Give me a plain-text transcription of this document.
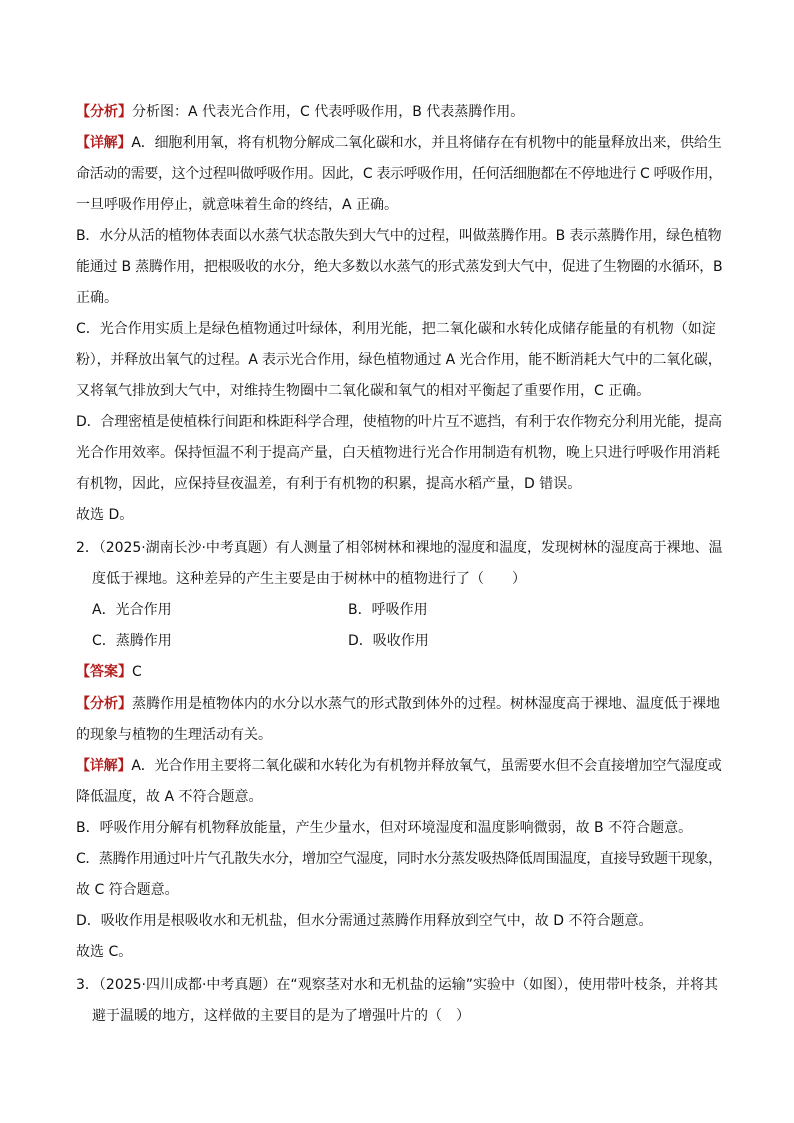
【分析】分析图：A 代表光合作用，C 代表呼吸作用，B 代表蒸腾作用。
【详解】A．细胞利用氧，将有机物分解成二氧化碳和水，并且将储存在有机物中的能量释放出来，供给生
命活动的需要，这个过程叫做呼吸作用。因此，C 表示呼吸作用，任何活细胞都在不停地进行 C 呼吸作用，
一旦呼吸作用停止，就意味着生命的终结，A 正确。
B．水分从活的植物体表面以水蒸气状态散失到大气中的过程，叫做蒸腾作用。B 表示蒸腾作用，绿色植物
能通过 B 蒸腾作用，把根吸收的水分，绝大多数以水蒸气的形式蒸发到大气中，促进了生物圈的水循环，B
正确。
C．光合作用实质上是绿色植物通过叶绿体，利用光能，把二氧化碳和水转化成储存能量的有机物（如淀
粉），并释放出氧气的过程。A 表示光合作用，绿色植物通过 A 光合作用，能不断消耗大气中的二氧化碳，
又将氧气排放到大气中，对维持生物圈中二氧化碳和氧气的相对平衡起了重要作用，C 正确。
D．合理密植是使植株行间距和株距科学合理，使植物的叶片互不遮挡，有利于农作物充分利用光能，提高
光合作用效率。保持恒温不利于提高产量，白天植物进行光合作用制造有机物，晚上只进行呼吸作用消耗
有机物，因此，应保持昼夜温差，有利于有机物的积累，提高水稻产量，D 错误。
故选 D。
2．（2025·湖南长沙·中考真题）有人测量了相邻树林和裸地的湿度和温度，发现树林的湿度高于裸地、温
度低于裸地。这种差异的产生主要是由于树林中的植物进行了（　　）
A．光合作用	B．呼吸作用
C．蒸腾作用	D．吸收作用
【答案】C
【分析】蒸腾作用是植物体内的水分以水蒸气的形式散到体外的过程。树林湿度高于裸地、温度低于裸地
的现象与植物的生理活动有关。
【详解】A．光合作用主要将二氧化碳和水转化为有机物并释放氧气，虽需要水但不会直接增加空气湿度或
降低温度，故 A 不符合题意。
B．呼吸作用分解有机物释放能量，产生少量水，但对环境湿度和温度影响微弱，故 B 不符合题意。
C．蒸腾作用通过叶片气孔散失水分，增加空气湿度，同时水分蒸发吸热降低周围温度，直接导致题干现象，
故 C 符合题意。
D．吸收作用是根吸收水和无机盐，但水分需通过蒸腾作用释放到空气中，故 D 不符合题意。
故选 C。
3．（2025·四川成都·中考真题）在“观察茎对水和无机盐的运输”实验中（如图），使用带叶枝条，并将其
避于温暖的地方，这样做的主要目的是为了增强叶片的（　）
